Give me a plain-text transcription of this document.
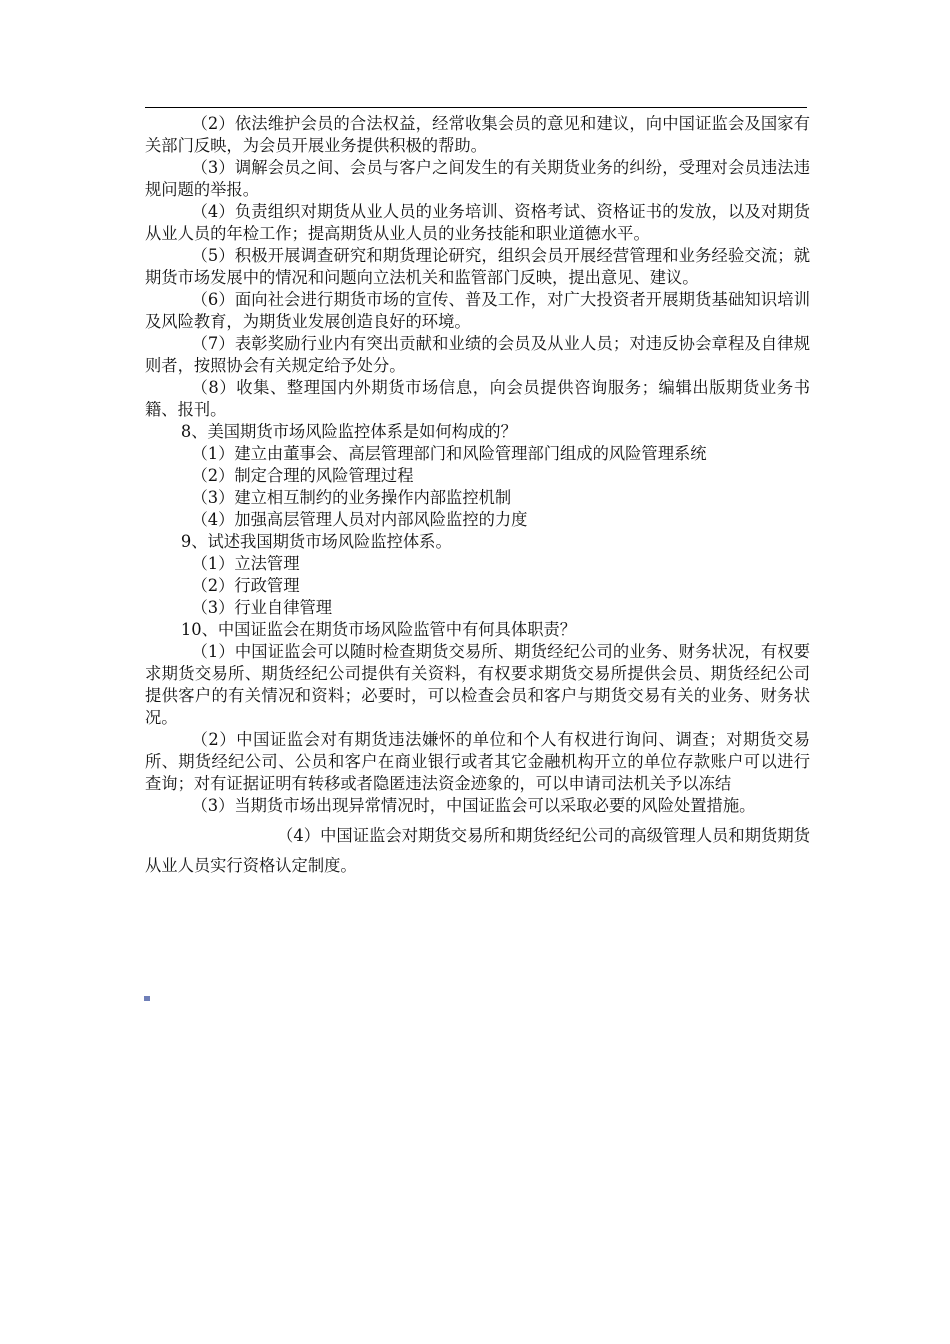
（2）依法维护会员的合法权益，经常收集会员的意见和建议，向中国证监会及国家有关部门反映，为会员开展业务提供积极的帮助。

（3）调解会员之间、会员与客户之间发生的有关期货业务的纠纷，受理对会员违法违规问题的举报。

（4）负责组织对期货从业人员的业务培训、资格考试、资格证书的发放，以及对期货从业人员的年检工作；提高期货从业人员的业务技能和职业道德水平。

（5）积极开展调查研究和期货理论研究，组织会员开展经营管理和业务经验交流；就期货市场发展中的情况和问题向立法机关和监管部门反映，提出意见、建议。

（6）面向社会进行期货市场的宣传、普及工作，对广大投资者开展期货基础知识培训及风险教育，为期货业发展创造良好的环境。

（7）表彰奖励行业内有突出贡献和业绩的会员及从业人员；对违反协会章程及自律规则者，按照协会有关规定给予处分。

（8）收集、整理国内外期货市场信息，向会员提供咨询服务；编辑出版期货业务书籍、报刊。

8、美国期货市场风险监控体系是如何构成的？

（1）建立由董事会、高层管理部门和风险管理部门组成的风险管理系统

（2）制定合理的风险管理过程

（3）建立相互制约的业务操作内部监控机制

（4）加强高层管理人员对内部风险监控的力度

9、试述我国期货市场风险监控体系。

（1）立法管理

（2）行政管理

（3）行业自律管理

10、中国证监会在期货市场风险监管中有何具体职责？

（1）中国证监会可以随时检查期货交易所、期货经纪公司的业务、财务状况，有权要求期货交易所、期货经纪公司提供有关资料，有权要求期货交易所提供会员、期货经纪公司提供客户的有关情况和资料；必要时，可以检查会员和客户与期货交易有关的业务、财务状况。

（2）中国证监会对有期货违法嫌怀的单位和个人有权进行询问、调查；对期货交易所、期货经纪公司、公员和客户在商业银行或者其它金融机构开立的单位存款账户可以进行查询；对有证据证明有转移或者隐匿违法资金迹象的，可以申请司法机关予以冻结

（3）当期货市场出现异常情况时，中国证监会可以采取必要的风险处置措施。

（4）中国证监会对期货交易所和期货经纪公司的高级管理人员和期货期货从业人员实行资格认定制度。
